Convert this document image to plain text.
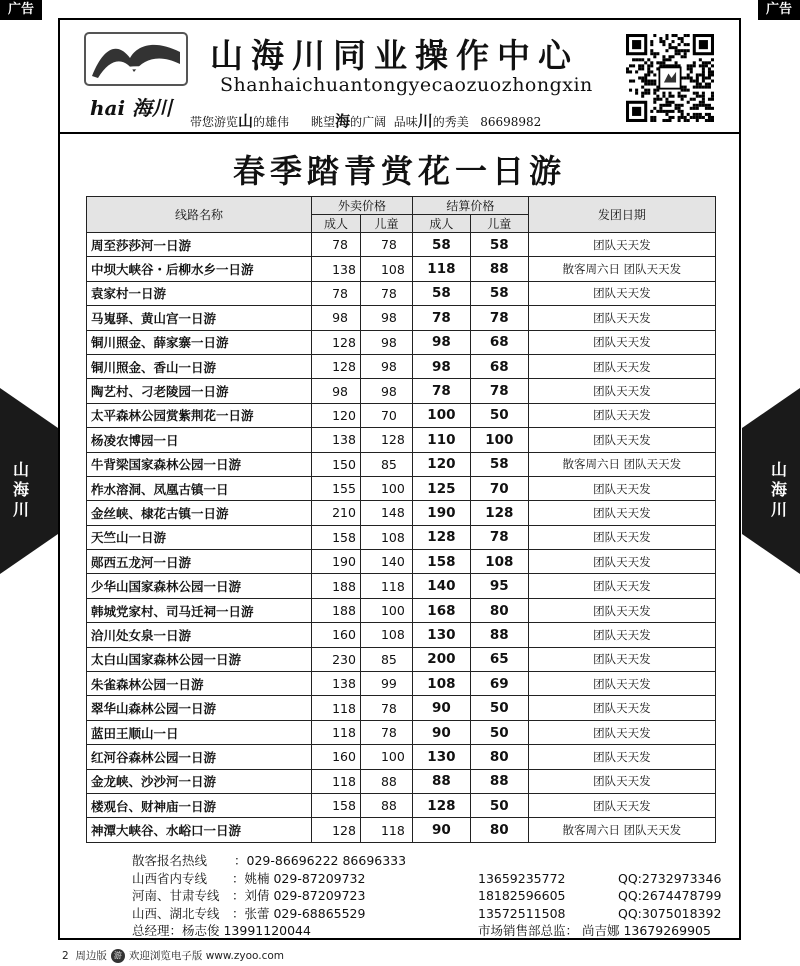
广告	广告
山
海
川
山
海
川
hai 海川
山海川同业操作中心
Shanhaichuantongyecaozuozhongxin
带您游览山的雄伟 眺望海的广阔 品味川的秀美 86698982
春季踏青赏花一日游
线路名称	外卖价格		结算价格		发团日期
	成人	儿童	成人	儿童	
周至莎莎河一日游	78	78	58	58	团队天天发
中坝大峡谷・后柳水乡一日游	138	108	118	88	散客周六日 团队天天发
袁家村一日游	78	78	58	58	团队天天发
马嵬驿、黄山宫一日游	98	98	78	78	团队天天发
铜川照金、薛家寨一日游	128	98	98	68	团队天天发
铜川照金、香山一日游	128	98	98	68	团队天天发
陶艺村、刁老陵园一日游	98	98	78	78	团队天天发
太平森林公园赏紫荆花一日游	120	70	100	50	团队天天发
杨凌农博园一日	138	128	110	100	团队天天发
牛背梁国家森林公园一日游	150	85	120	58	散客周六日 团队天天发
柞水溶洞、凤凰古镇一日	155	100	125	70	团队天天发
金丝峡、棣花古镇一日游	210	148	190	128	团队天天发
天竺山一日游	158	108	128	78	团队天天发
郧西五龙河一日游	190	140	158	108	团队天天发
少华山国家森林公园一日游	188	118	140	95	团队天天发
韩城党家村、司马迁祠一日游	188	100	168	80	团队天天发
洽川处女泉一日游	160	108	130	88	团队天天发
太白山国家森林公园一日游	230	85	200	65	团队天天发
朱雀森林公园一日游	138	99	108	69	团队天天发
翠华山森林公园一日游	118	78	90	50	团队天天发
蓝田王顺山一日	118	78	90	50	团队天天发
红河谷森林公园一日游	160	100	130	80	团队天天发
金龙峡、沙沙河一日游	118	88	88	88	团队天天发
楼观台、财神庙一日游	158	88	128	50	团队天天发
神潭大峡谷、水峪口一日游	128	118	90	80	散客周六日 团队天天发
散客报名热线 ：029-86696222 86696333
山西省内专线 ：姚楠 029-87209732	13659235772	QQ:2732973346
河南、甘肃专线 ：刘倩 029-87209723	18182596605	QQ:2674478799
山西、湖北专线 ：张蕾 029-68865529	13572511508	QQ:3075018392
总经理：杨志俊 13991120044	市场销售部总监： 尚吉娜 13679269905
2 周边版 游 欢迎浏览电子版 www.zyoo.com
